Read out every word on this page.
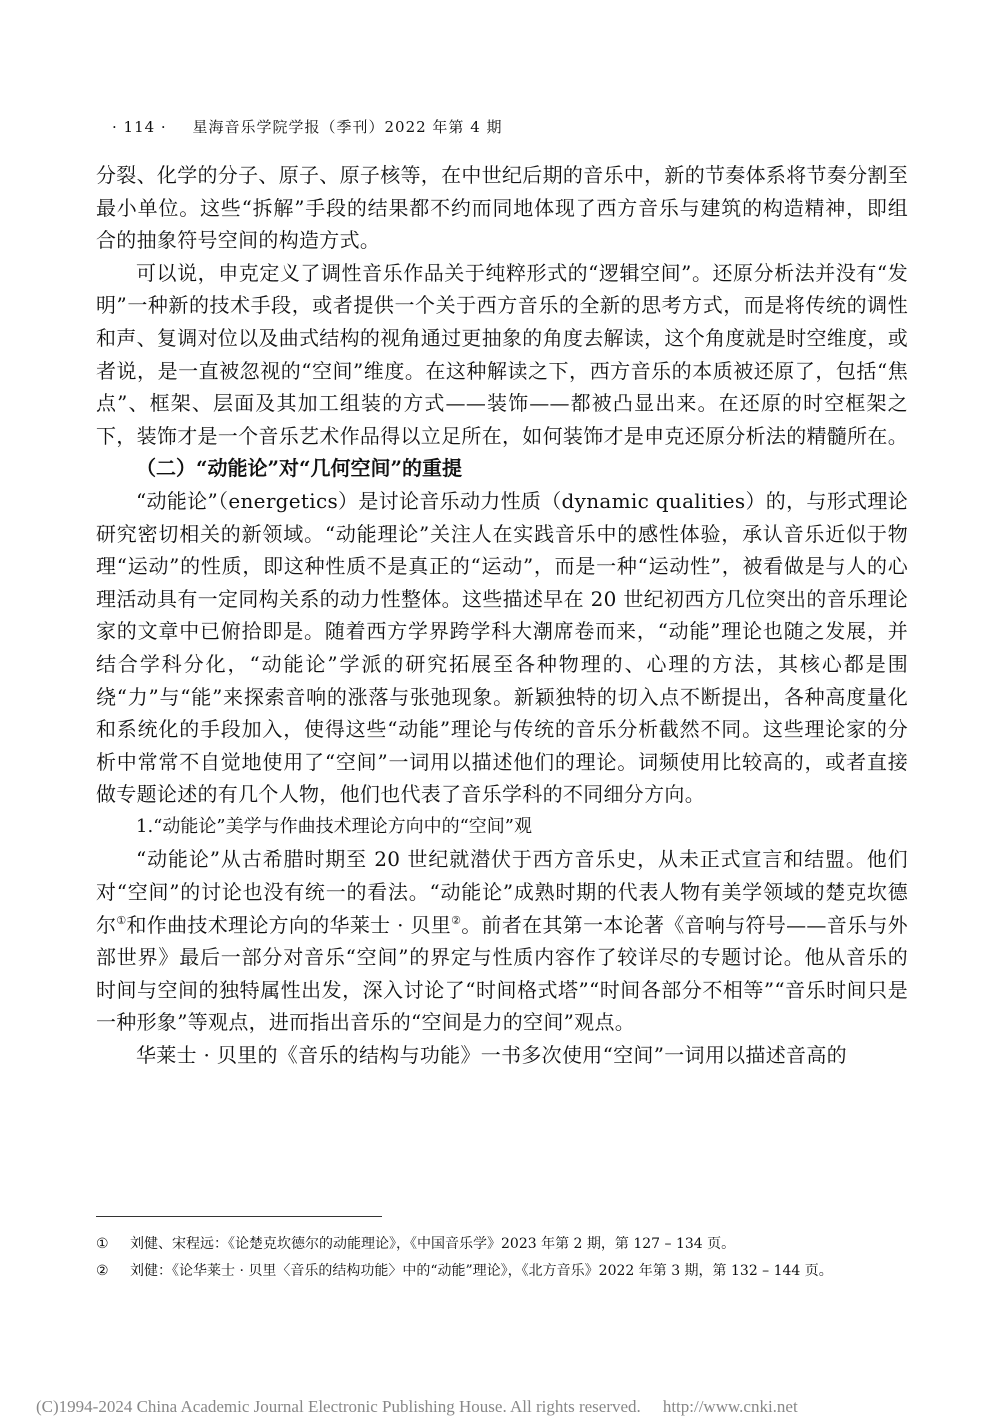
· 114 · 星海音乐学院学报（季刊）2022 年第 4 期

分裂、化学的分子、原子、原子核等，在中世纪后期的音乐中，新的节奏体系将节奏分割至最小单位。这些“拆解”手段的结果都不约而同地体现了西方音乐与建筑的构造精神，即组合的抽象符号空间的构造方式。

可以说，申克定义了调性音乐作品关于纯粹形式的“逻辑空间”。还原分析法并没有“发明”一种新的技术手段，或者提供一个关于西方音乐的全新的思考方式，而是将传统的调性和声、复调对位以及曲式结构的视角通过更抽象的角度去解读，这个角度就是时空维度，或者说，是一直被忽视的“空间”维度。在这种解读之下，西方音乐的本质被还原了，包括“焦点”、框架、层面及其加工组装的方式——装饰——都被凸显出来。在还原的时空框架之下，装饰才是一个音乐艺术作品得以立足所在，如何装饰才是申克还原分析法的精髓所在。

（二）“动能论”对“几何空间”的重提

“动能论”（energetics）是讨论音乐动力性质（dynamic qualities）的，与形式理论研究密切相关的新领域。“动能理论”关注人在实践音乐中的感性体验，承认音乐近似于物理“运动”的性质，即这种性质不是真正的“运动”，而是一种“运动性”，被看做是与人的心理活动具有一定同构关系的动力性整体。这些描述早在 20 世纪初西方几位突出的音乐理论家的文章中已俯拾即是。随着西方学界跨学科大潮席卷而来，“动能”理论也随之发展，并结合学科分化，“动能论”学派的研究拓展至各种物理的、心理的方法，其核心都是围绕“力”与“能”来探索音响的涨落与张弛现象。新颖独特的切入点不断提出，各种高度量化和系统化的手段加入，使得这些“动能”理论与传统的音乐分析截然不同。这些理论家的分析中常常不自觉地使用了“空间”一词用以描述他们的理论。词频使用比较高的，或者直接做专题论述的有几个人物，他们也代表了音乐学科的不同细分方向。

1.“动能论”美学与作曲技术理论方向中的“空间”观

“动能论”从古希腊时期至 20 世纪就潜伏于西方音乐史，从未正式宣言和结盟。他们对“空间”的讨论也没有统一的看法。“动能论”成熟时期的代表人物有美学领域的楚克坎德尔①和作曲技术理论方向的华莱士 · 贝里②。前者在其第一本论著《音响与符号——音乐与外部世界》最后一部分对音乐“空间”的界定与性质内容作了较详尽的专题讨论。他从音乐的时间与空间的独特属性出发，深入讨论了“时间格式塔”“时间各部分不相等”“音乐时间只是一种形象”等观点，进而指出音乐的“空间是力的空间”观点。

华莱士 · 贝里的《音乐的结构与功能》一书多次使用“空间”一词用以描述音高的

①	刘健、宋程远：《论楚克坎德尔的动能理论》，《中国音乐学》2023 年第 2 期，第 127 – 134 页。

②	刘健：《论华莱士 · 贝里〈音乐的结构功能〉中的“动能”理论》，《北方音乐》2022 年第 3 期，第 132 – 144 页。

(C)1994-2024 China Academic Journal Electronic Publishing House. All rights reserved. http://www.cnki.net
